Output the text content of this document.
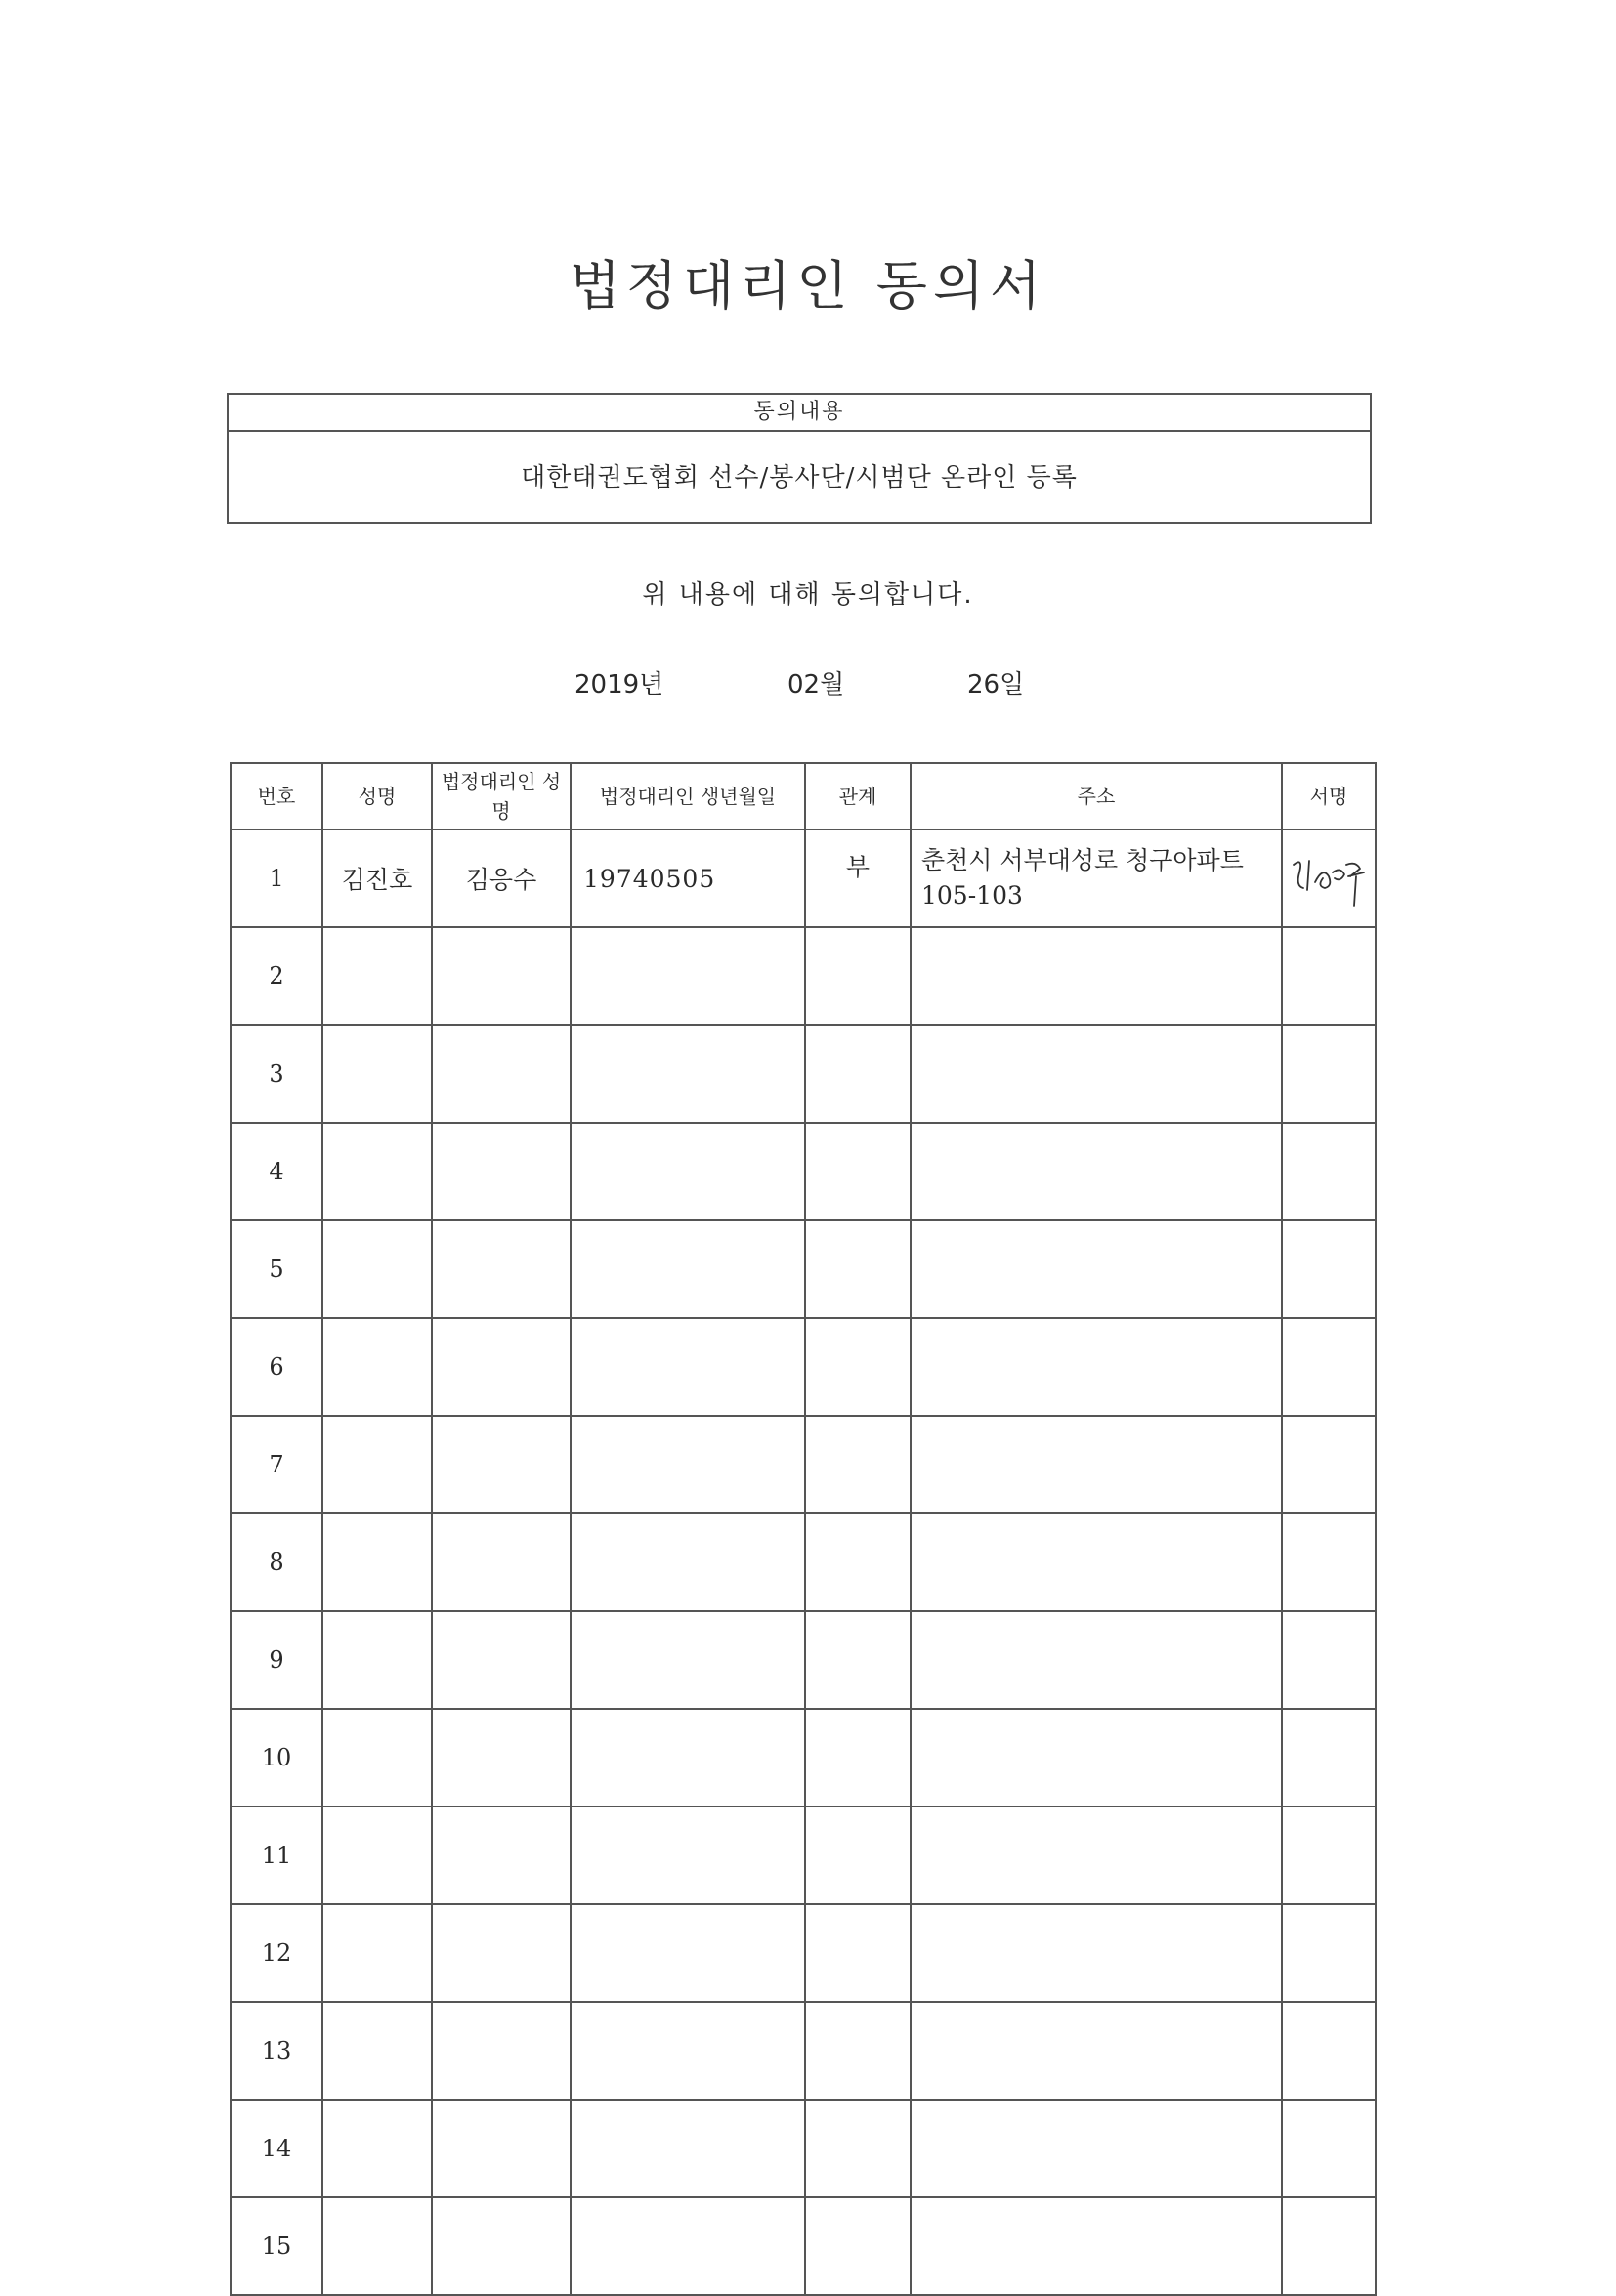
법정대리인 동의서
동의내용
대한태권도협회 선수/봉사단/시범단 온라인 등록
위 내용에 대해 동의합니다.
2019년	02월	26일
번호	성명	법정대리인 성명	법정대리인 생년월일	관계	주소	서명
1	김진호	김응수	19740505	부	춘천시 서부대성로 청구아파트 105-103	

2						
3						
4						
5						
6						
7						
8						
9						
10						
11						
12						
13						
14						
15						
